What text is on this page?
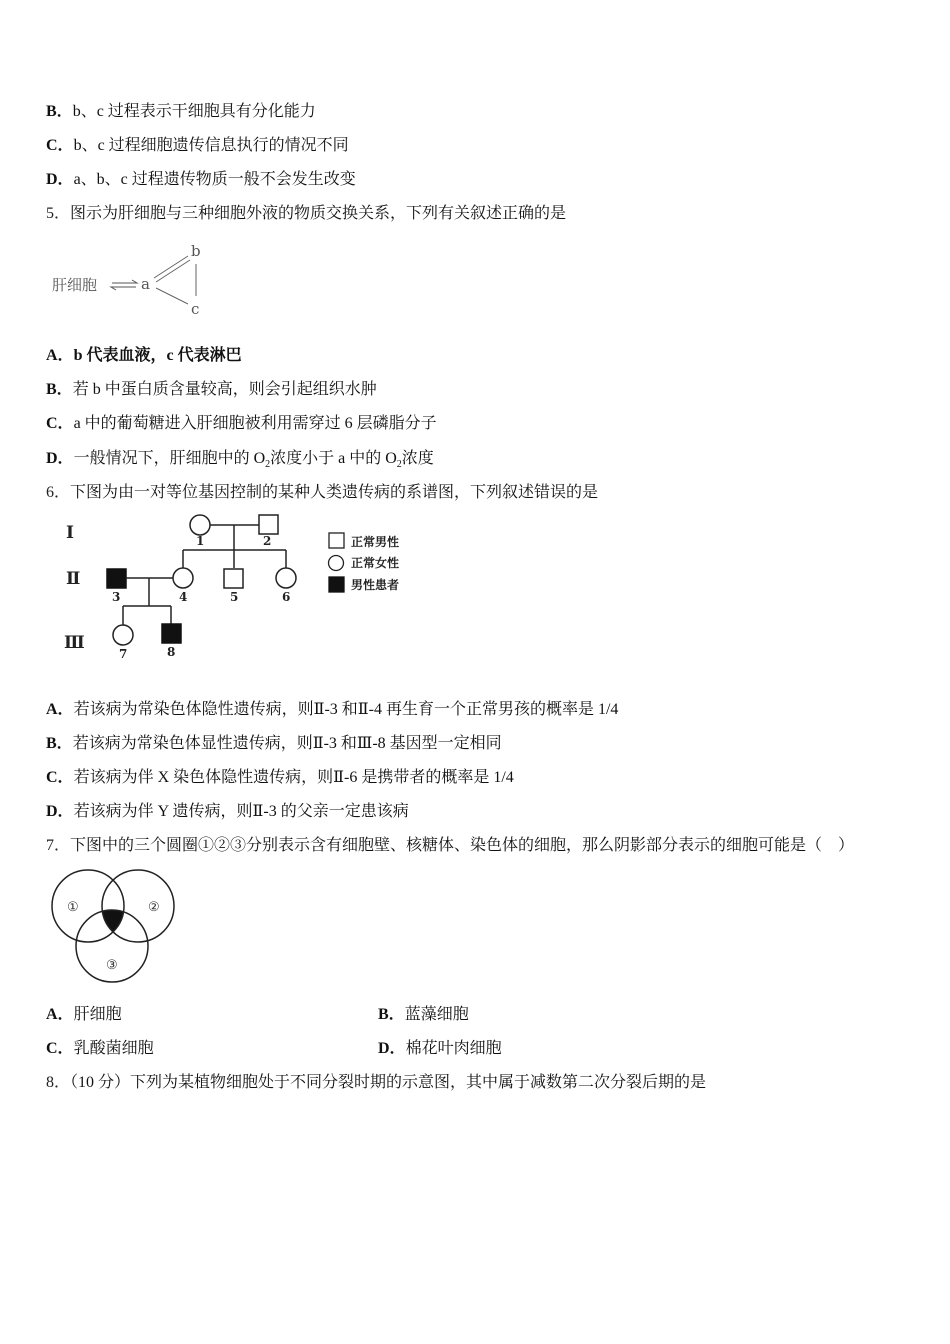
B．b、c 过程表示干细胞具有分化能力
C．b、c 过程细胞遗传信息执行的情况不同
D．a、b、c 过程遗传物质一般不会发生改变
5．图示为肝细胞与三种细胞外液的物质交换关系，下列有关叙述正确的是
肝细胞	a
b
c
A．b 代表血液，c 代表淋巴
B．若 b 中蛋白质含量较高，则会引起组织水肿
C．a 中的葡萄糖进入肝细胞被利用需穿过 6 层磷脂分子
D．一般情况下，肝细胞中的 $O_2$浓度小于 a 中的 $O_2$浓度
6．下图为由一对等位基因控制的某种人类遗传病的系谱图，下列叙述错误的是
Ⅰ
Ⅱ
Ⅲ
1	2
3	4	5	6
7	8
正常男性
正常女性
男性患者
A．若该病为常染色体隐性遗传病，则Ⅱ-3 和Ⅱ-4 再生育一个正常男孩的概率是 1/4
B．若该病为常染色体显性遗传病，则Ⅱ-3 和Ⅲ-8 基因型一定相同
C．若该病为伴 X 染色体隐性遗传病，则Ⅱ-6 是携带者的概率是 1/4
D．若该病为伴 Y 遗传病，则Ⅱ-3 的父亲一定患该病
7．下图中的三个圆圈①②③分别表示含有细胞壁、核糖体、染色体的细胞，那么阴影部分表示的细胞可能是（　）
①	②
③
A．肝细胞	B．蓝藻细胞
C．乳酸菌细胞	D．棉花叶肉细胞
8．（10 分）下列为某植物细胞处于不同分裂时期的示意图，其中属于减数第二次分裂后期的是
